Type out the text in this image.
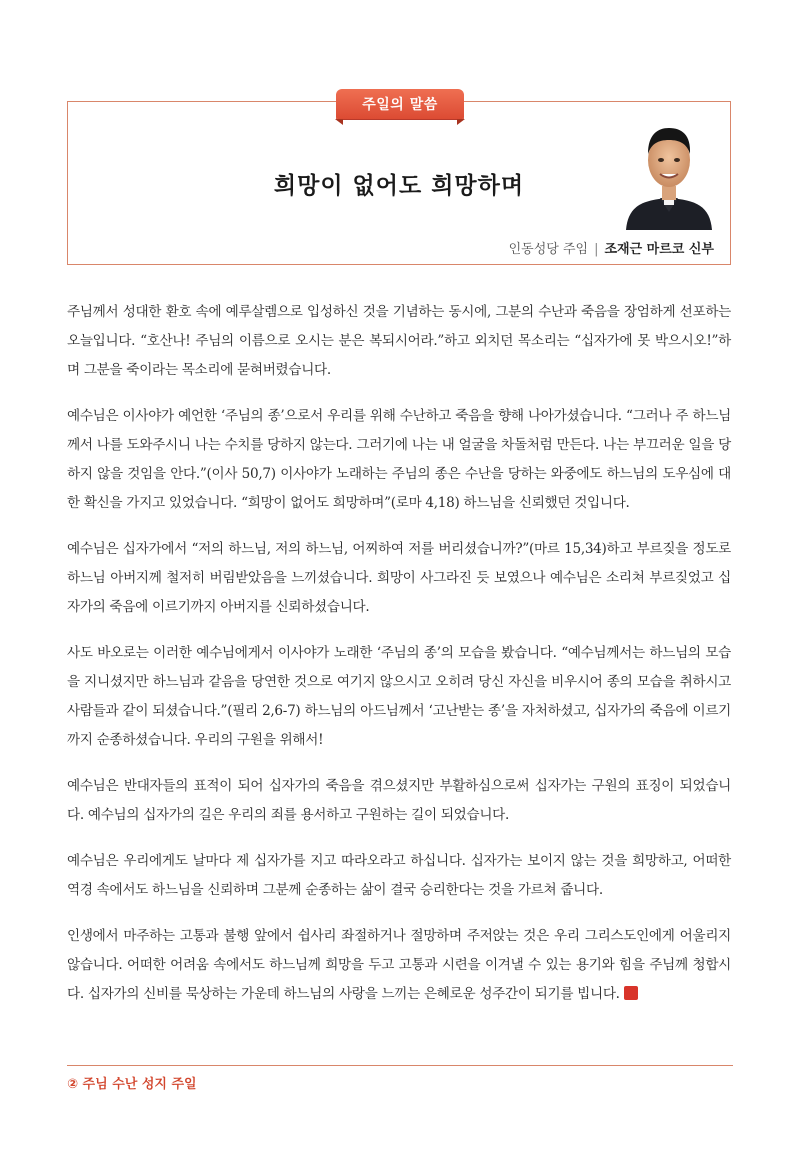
주일의 말씀
희망이 없어도 희망하며
인동성당 주임 | 조재근 마르코 신부

주님께서 성대한 환호 속에 예루살렘으로 입성하신 것을 기념하는 동시에, 그분의 수난과 죽음을 장엄하게 선포하는 오늘입니다. “호산나! 주님의 이름으로 오시는 분은 복되시어라.”하고 외치던 목소리는 “십자가에 못 박으시오!”하며 그분을 죽이라는 목소리에 묻혀버렸습니다.

예수님은 이사야가 예언한 ‘주님의 종’으로서 우리를 위해 수난하고 죽음을 향해 나아가셨습니다. “그러나 주 하느님께서 나를 도와주시니 나는 수치를 당하지 않는다. 그러기에 나는 내 얼굴을 차돌처럼 만든다. 나는 부끄러운 일을 당하지 않을 것임을 안다.”(이사 50,7) 이사야가 노래하는 주님의 종은 수난을 당하는 와중에도 하느님의 도우심에 대한 확신을 가지고 있었습니다. “희망이 없어도 희망하며”(로마 4,18) 하느님을 신뢰했던 것입니다.

예수님은 십자가에서 “저의 하느님, 저의 하느님, 어찌하여 저를 버리셨습니까?”(마르 15,34)하고 부르짖을 정도로 하느님 아버지께 철저히 버림받았음을 느끼셨습니다. 희망이 사그라진 듯 보였으나 예수님은 소리쳐 부르짖었고 십자가의 죽음에 이르기까지 아버지를 신뢰하셨습니다.

사도 바오로는 이러한 예수님에게서 이사야가 노래한 ‘주님의 종’의 모습을 봤습니다. “예수님께서는 하느님의 모습을 지니셨지만 하느님과 같음을 당연한 것으로 여기지 않으시고 오히려 당신 자신을 비우시어 종의 모습을 취하시고 사람들과 같이 되셨습니다.”(필리 2,6-7) 하느님의 아드님께서 ‘고난받는 종’을 자처하셨고, 십자가의 죽음에 이르기까지 순종하셨습니다. 우리의 구원을 위해서!

예수님은 반대자들의 표적이 되어 십자가의 죽음을 겪으셨지만 부활하심으로써 십자가는 구원의 표징이 되었습니다. 예수님의 십자가의 길은 우리의 죄를 용서하고 구원하는 길이 되었습니다.

예수님은 우리에게도 날마다 제 십자가를 지고 따라오라고 하십니다. 십자가는 보이지 않는 것을 희망하고, 어떠한 역경 속에서도 하느님을 신뢰하며 그분께 순종하는 삶이 결국 승리한다는 것을 가르쳐 줍니다.

인생에서 마주하는 고통과 불행 앞에서 쉽사리 좌절하거나 절망하며 주저앉는 것은 우리 그리스도인에게 어울리지 않습니다. 어떠한 어려움 속에서도 하느님께 희망을 두고 고통과 시련을 이겨낼 수 있는 용기와 힘을 주님께 청합시다. 십자가의 신비를 묵상하는 가운데 하느님의 사랑을 느끼는 은혜로운 성주간이 되기를 빕니다.

② 주님 수난 성지 주일
